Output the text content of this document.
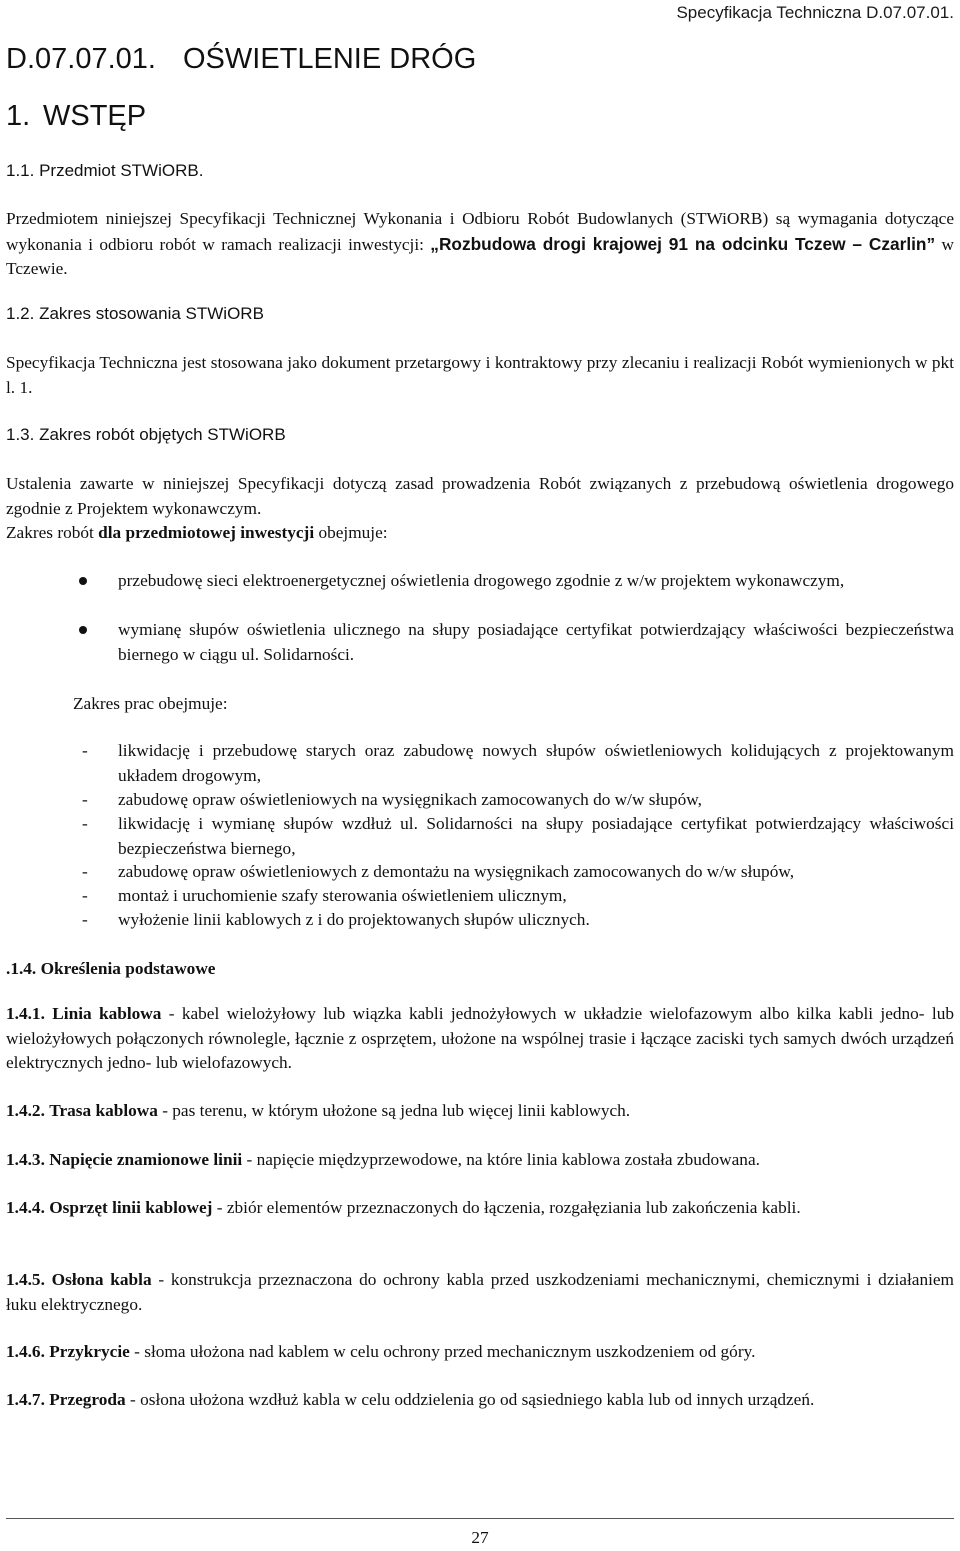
Specyfikacja Techniczna D.07.07.01.
D.07.07.01. OŚWIETLENIE DRÓG
1. WSTĘP
1.1. Przedmiot STWiORB.
Przedmiotem niniejszej Specyfikacji Technicznej Wykonania i Odbioru Robót Budowlanych (STWiORB) są wymagania dotyczące wykonania i odbioru robót w ramach realizacji inwestycji: „Rozbudowa drogi krajowej 91 na odcinku Tczew – Czarlin” w Tczewie.
1.2. Zakres stosowania STWiORB
Specyfikacja Techniczna jest stosowana jako dokument przetargowy i kontraktowy przy zlecaniu i realizacji Robót wymienionych w pkt l. 1.
1.3. Zakres robót objętych STWiORB
Ustalenia zawarte w niniejszej Specyfikacji dotyczą zasad prowadzenia Robót związanych z przebudową oświetlenia drogowego zgodnie z Projektem wykonawczym.
Zakres robót dla przedmiotowej inwestycji obejmuje:
przebudowę sieci elektroenergetycznej oświetlenia drogowego zgodnie z w/w projektem wykonawczym,
wymianę słupów oświetlenia ulicznego na słupy posiadające certyfikat potwierdzający właściwości bezpieczeństwa biernego w ciągu ul. Solidarności.
Zakres prac obejmuje:
- likwidację i przebudowę starych oraz zabudowę nowych słupów oświetleniowych kolidujących z projektowanym układem drogowym,
- zabudowę opraw oświetleniowych na wysięgnikach zamocowanych do w/w słupów,
- likwidację i wymianę słupów wzdłuż ul. Solidarności na słupy posiadające certyfikat potwierdzający właściwości bezpieczeństwa biernego,
- zabudowę opraw oświetleniowych z demontażu na wysięgnikach zamocowanych do w/w słupów,
- montaż i uruchomienie szafy sterowania oświetleniem ulicznym,
- wyłożenie linii kablowych z i do projektowanych słupów ulicznych.
.1.4. Określenia podstawowe
1.4.1. Linia kablowa - kabel wielożyłowy lub wiązka kabli jednożyłowych w układzie wielofazowym albo kilka kabli jedno- lub wielożyłowych połączonych równolegle, łącznie z osprzętem, ułożone na wspólnej trasie i łączące zaciski tych samych dwóch urządzeń elektrycznych jedno- lub wielofazowych.
1.4.2. Trasa kablowa - pas terenu, w którym ułożone są jedna lub więcej linii kablowych.
1.4.3. Napięcie znamionowe linii - napięcie międzyprzewodowe, na które linia kablowa została zbudowana.
1.4.4. Osprzęt linii kablowej - zbiór elementów przeznaczonych do łączenia, rozgałęziania lub zakończenia kabli.
1.4.5. Osłona kabla - konstrukcja przeznaczona do ochrony kabla przed uszkodzeniami mechanicznymi, chemicznymi i działaniem łuku elektrycznego.
1.4.6. Przykrycie - słoma ułożona nad kablem w celu ochrony przed mechanicznym uszkodzeniem od góry.
1.4.7. Przegroda - osłona ułożona wzdłuż kabla w celu oddzielenia go od sąsiedniego kabla lub od innych urządzeń.
27
